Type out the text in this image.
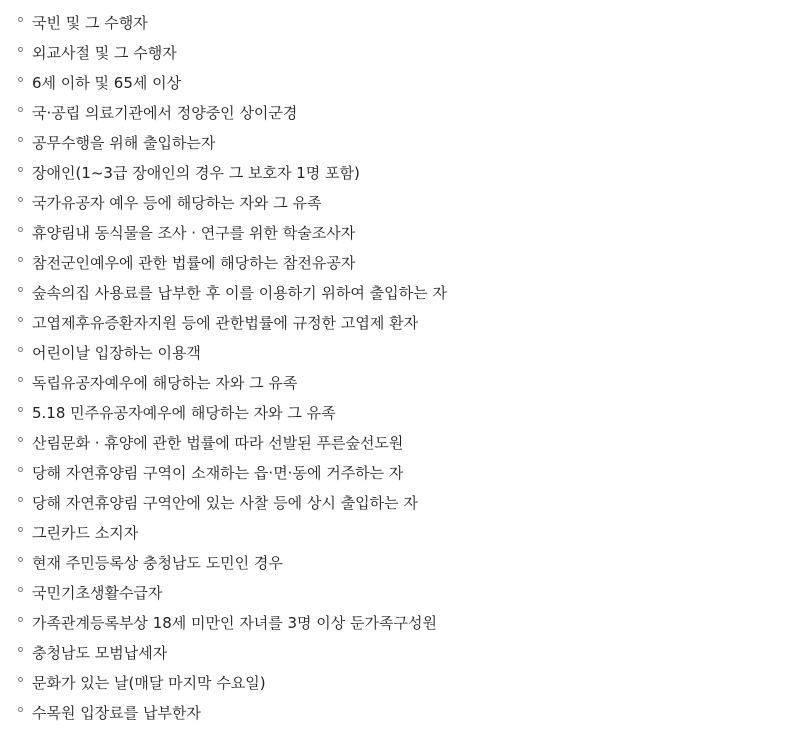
국빈 및 그 수행자
외교사절 및 그 수행자
6세 이하 및 65세 이상
국·공립 의료기관에서 정양중인 상이군경
공무수행을 위해 출입하는자
장애인(1~3급 장애인의 경우 그 보호자 1명 포함)
국가유공자 예우 등에 해당하는 자와 그 유족
휴양림내 동식물을 조사 · 연구를 위한 학술조사자
참전군인예우에 관한 법률에 해당하는 참전유공자
숲속의집 사용료를 납부한 후 이를 이용하기 위하여 출입하는 자
고엽제후유증환자지원 등에 관한법률에 규정한 고엽제 환자
어린이날 입장하는 이용객
독립유공자예우에 해당하는 자와 그 유족
5.18 민주유공자예우에 해당하는 자와 그 유족
산림문화 · 휴양에 관한 법률에 따라 선발된 푸른숲선도원
당해 자연휴양림 구역이 소재하는 읍·면·동에 거주하는 자
당해 자연휴양림 구역안에 있는 사찰 등에 상시 출입하는 자
그린카드 소지자
현재 주민등록상 충청남도 도민인 경우
국민기초생활수급자
가족관계등록부상 18세 미만인 자녀를 3명 이상 둔가족구성원
충청남도 모범납세자
문화가 있는 날(매달 마지막 수요일)
수목원 입장료를 납부한자
